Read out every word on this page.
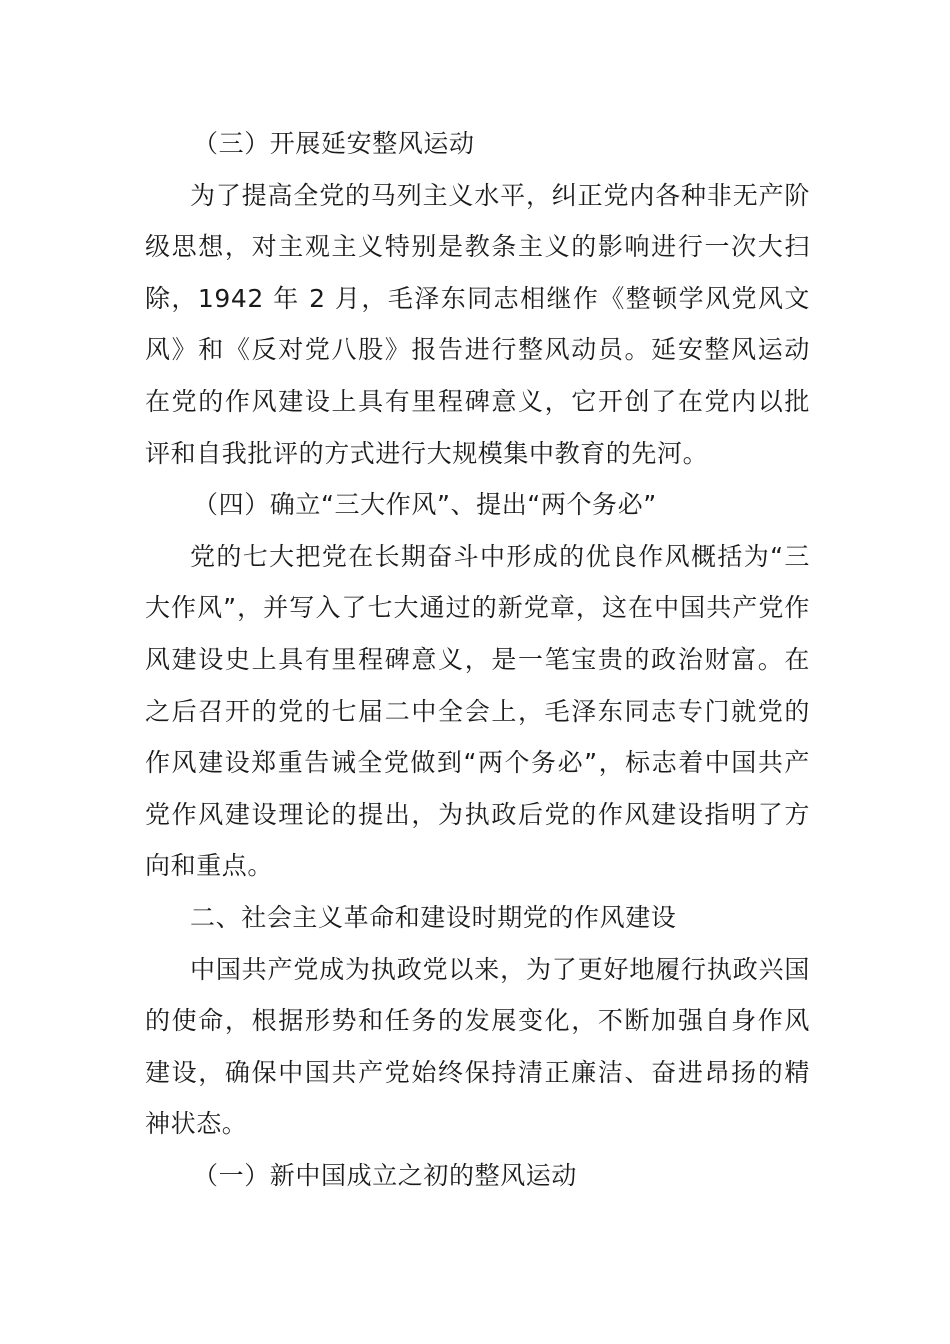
（三）开展延安整风运动

为了提高全党的马列主义水平，纠正党内各种非无产阶级思想，对主观主义特别是教条主义的影响进行一次大扫除，1942 年 2 月，毛泽东同志相继作《整顿学风党风文风》和《反对党八股》报告进行整风动员。延安整风运动在党的作风建设上具有里程碑意义，它开创了在党内以批评和自我批评的方式进行大规模集中教育的先河。

（四）确立“三大作风”、提出“两个务必”

党的七大把党在长期奋斗中形成的优良作风概括为“三大作风”，并写入了七大通过的新党章，这在中国共产党作风建设史上具有里程碑意义，是一笔宝贵的政治财富。在之后召开的党的七届二中全会上，毛泽东同志专门就党的作风建设郑重告诫全党做到“两个务必”，标志着中国共产党作风建设理论的提出，为执政后党的作风建设指明了方向和重点。

二、社会主义革命和建设时期党的作风建设

中国共产党成为执政党以来，为了更好地履行执政兴国的使命，根据形势和任务的发展变化，不断加强自身作风建设，确保中国共产党始终保持清正廉洁、奋进昂扬的精神状态。

（一）新中国成立之初的整风运动
